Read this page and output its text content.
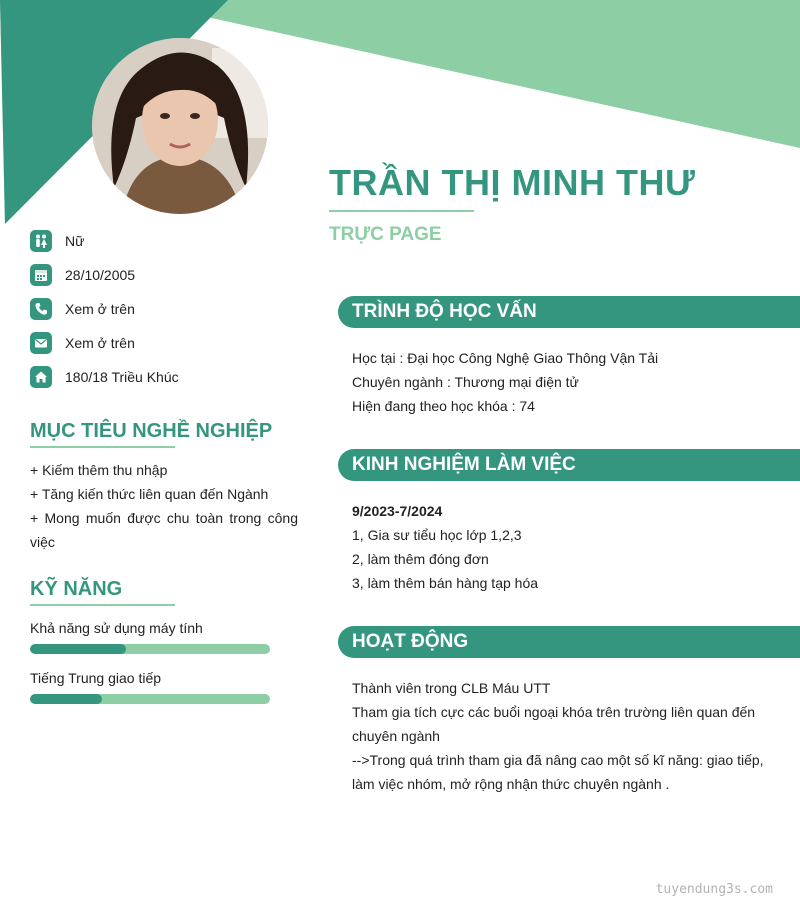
TRẦN THỊ MINH THƯ
TRỰC PAGE
Nữ
28/10/2005
Xem ở trên
Xem ở trên
180/18 Triều Khúc
MỤC TIÊU NGHỀ NGHIỆP
+ Kiếm thêm thu nhập
+ Tăng kiến thức liên quan đến Ngành
+ Mong muốn được chu toàn trong công việc
KỸ NĂNG
Khả năng sử dụng máy tính
Tiếng Trung giao tiếp
TRÌNH ĐỘ HỌC VẤN
Học tại : Đại học Công Nghệ Giao Thông Vận Tải
Chuyên ngành : Thương mại điện tử
Hiện đang theo học khóa : 74
KINH NGHIỆM LÀM VIỆC
9/2023-7/2024
1, Gia sư tiểu học lớp 1,2,3
2, làm thêm đóng đơn
3, làm thêm bán hàng tạp hóa
HOẠT ĐỘNG
Thành viên trong CLB Máu UTT
Tham gia tích cực các buổi ngoại khóa trên trường liên quan đến chuyên ngành
-->Trong quá trình tham gia đã nâng cao một số kĩ năng: giao tiếp, làm việc nhóm, mở rộng nhận thức chuyên ngành .
tuyendung3s.com
